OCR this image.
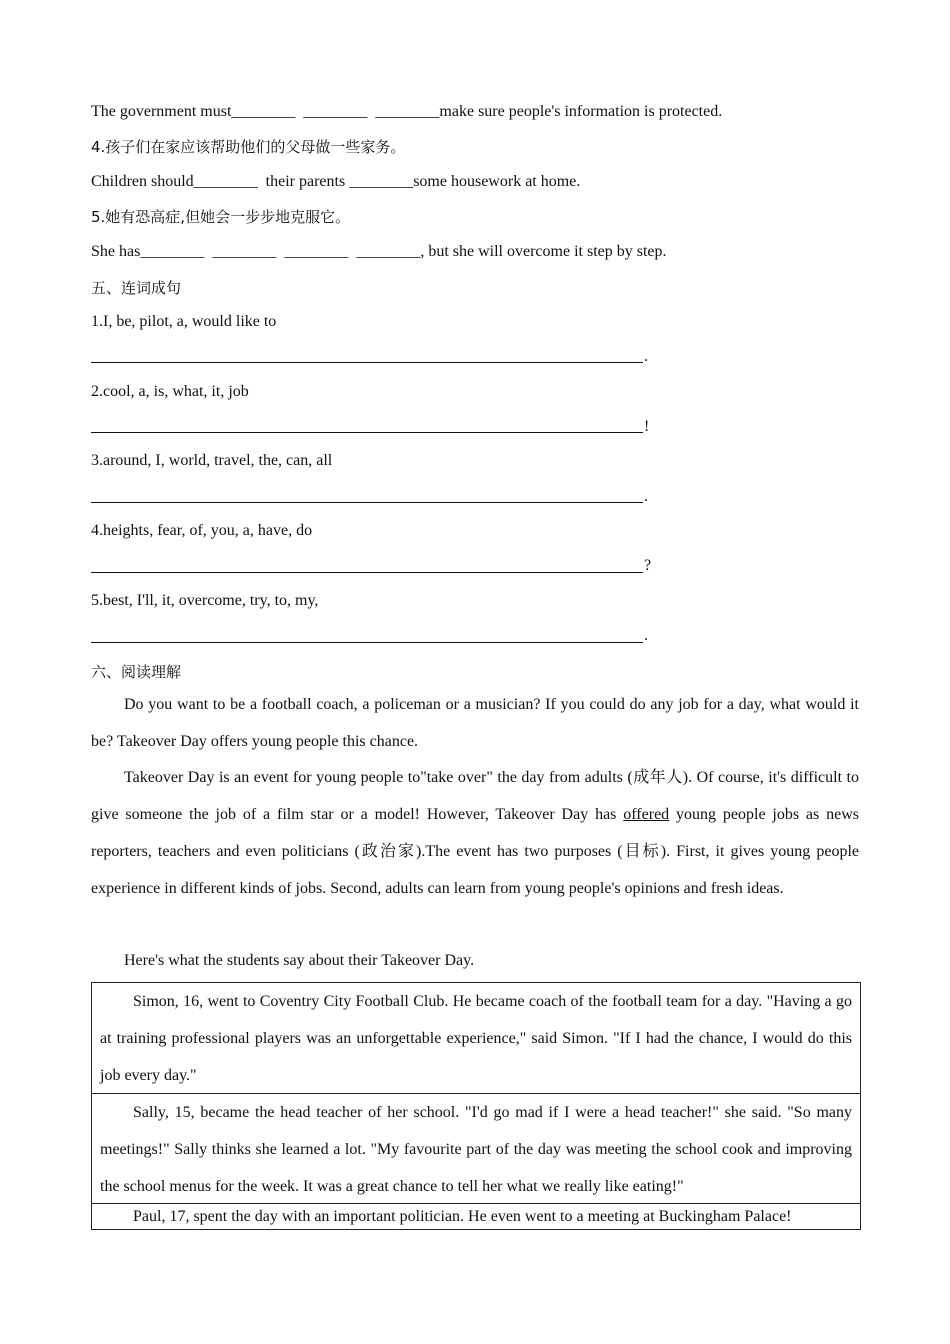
The government must________  ________  ________make sure people's information is protected.
4.孩子们在家应该帮助他们的父母做一些家务。
Children should________  their parents ________some housework at home.
5.她有恐高症,但她会一步步地克服它。
She has________  ________  ________  ________, but she will overcome it step by step.
五、连词成句
1.I, be, pilot, a, would like to
.
2.cool, a, is, what, it, job
!
3.around, I, world, travel, the, can, all
.
4.heights, fear, of, you, a, have, do
?
5.best, I'll, it, overcome, try, to, my,
.
六、阅读理解
Do you want to be a football coach, a policeman or a musician? If you could do any job for a day, what would it be? Takeover Day offers young people this chance.
Takeover Day is an event for young people to"take over" the day from adults (成年人). Of course, it's difficult to give someone the job of a film star or a model! However, Takeover Day has offered young people jobs as news reporters, teachers and even politicians (政治家).The event has two purposes (目标). First, it gives young people experience in different kinds of jobs. Second, adults can learn from young people's opinions and fresh ideas.
Here's what the students say about their Takeover Day.
Simon, 16, went to Coventry City Football Club. He became coach of the football team for a day. "Having a go at training professional players was an unforgettable experience," said Simon. "If I had the chance, I would do this job every day."
Sally, 15, became the head teacher of her school. "I'd go mad if I were a head teacher!" she said. "So many meetings!" Sally thinks she learned a lot. "My favourite part of the day was meeting the school cook and improving the school menus for the week. It was a great chance to tell her what we really like eating!"
Paul, 17, spent the day with an important politician. He even went to a meeting at Buckingham Palace!
